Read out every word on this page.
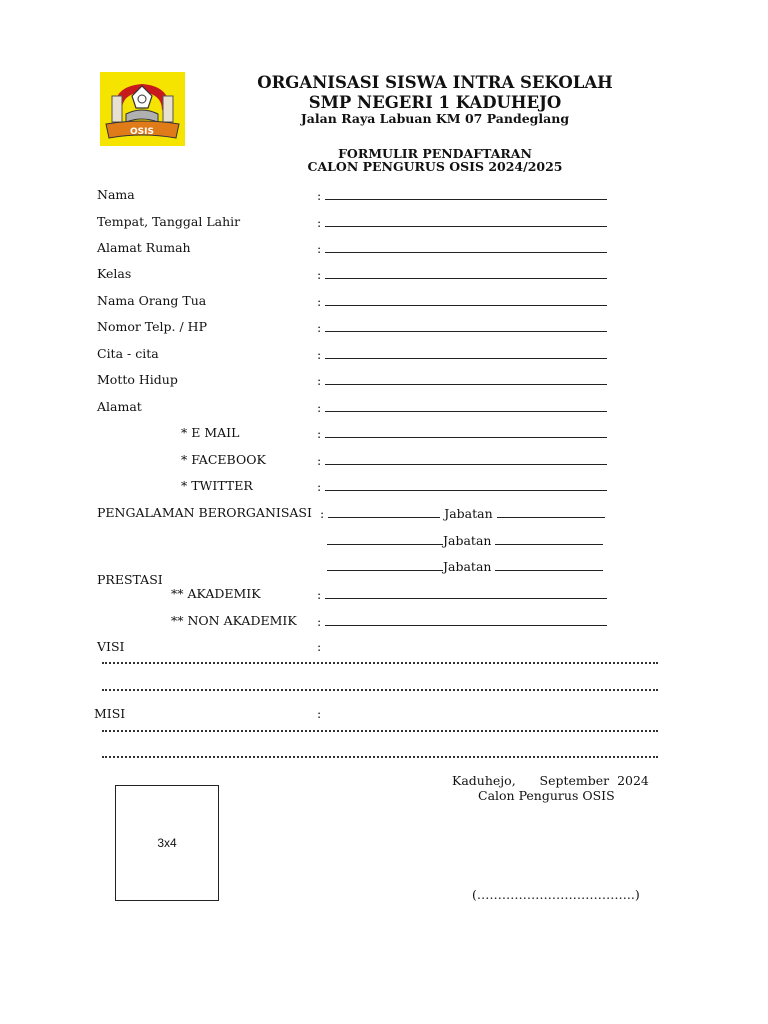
OSIS
ORGANISASI SISWA INTRA SEKOLAH
SMP NEGERI 1 KADUHEJO
Jalan Raya Labuan KM 07 Pandeglang
FORMULIR PENDAFTARAN
CALON PENGURUS OSIS 2024/2025
Nama	:
Tempat, Tanggal Lahir	:
Alamat Rumah	:
Kelas	:
Nama Orang Tua	:
Nomor Telp. / HP	:
Cita - cita	:
Motto Hidup	:
Alamat	:
* E MAIL	:
* FACEBOOK	:
* TWITTER	:
PENGALAMAN BERORGANISASI :	Jabatan
Jabatan
Jabatan
PRESTASI
** AKADEMIK	:
** NON AKADEMIK :
VISI	:
MISI	:
3x4
Kaduhejo,      September  2024
Calon Pengurus OSIS
(………………………………..)
